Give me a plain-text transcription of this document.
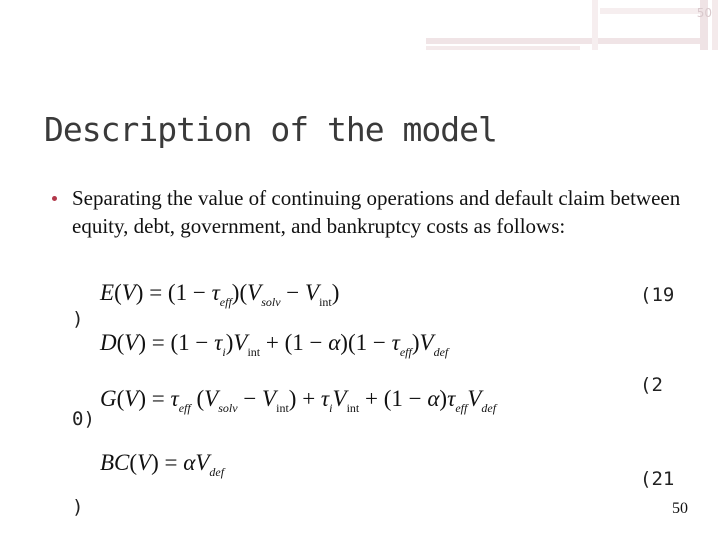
50
Description of the model
Separating the value of continuing operations and default claim between equity, debt, government, and bankruptcy costs as follows:
$E(V) = (1 - \tau_{eff})(V_{solv} - V_{int})$
$D(V) = (1 - \tau_i)V_{int} + (1 - \alpha)(1 - \tau_{eff})V_{def}$
$G(V) = \tau_{eff}$ $(V_{solv} - V_{int}) + \tau_iV_{int} + (1 - \alpha)\tau_{eff}V_{def}$
$BC(V) = \alpha V_{def}$
(19
)
(2
0)
(21
)	50
